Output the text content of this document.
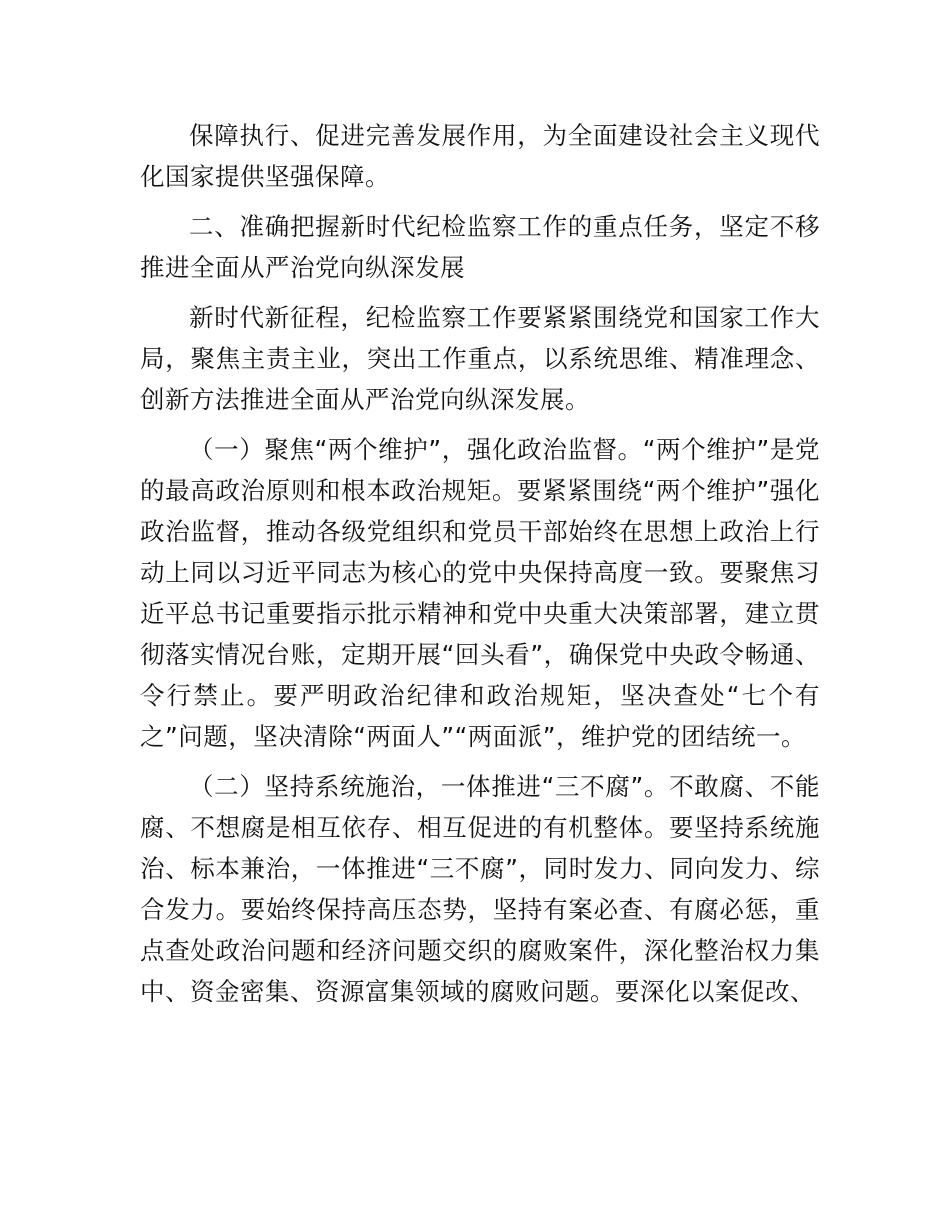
保障执行、促进完善发展作用，为全面建设社会主义现代化国家提供坚强保障。

二、准确把握新时代纪检监察工作的重点任务，坚定不移推进全面从严治党向纵深发展

新时代新征程，纪检监察工作要紧紧围绕党和国家工作大局，聚焦主责主业，突出工作重点，以系统思维、精准理念、创新方法推进全面从严治党向纵深发展。

（一）聚焦“两个维护”，强化政治监督。“两个维护”是党的最高政治原则和根本政治规矩。要紧紧围绕“两个维护”强化政治监督，推动各级党组织和党员干部始终在思想上政治上行动上同以习近平同志为核心的党中央保持高度一致。要聚焦习近平总书记重要指示批示精神和党中央重大决策部署，建立贯彻落实情况台账，定期开展“回头看”，确保党中央政令畅通、令行禁止。要严明政治纪律和政治规矩，坚决查处“七个有之”问题，坚决清除“两面人”“两面派”，维护党的团结统一。

（二）坚持系统施治，一体推进“三不腐”。不敢腐、不能腐、不想腐是相互依存、相互促进的有机整体。要坚持系统施治、标本兼治，一体推进“三不腐”，同时发力、同向发力、综合发力。要始终保持高压态势，坚持有案必查、有腐必惩，重点查处政治问题和经济问题交织的腐败案件，深化整治权力集中、资金密集、资源富集领域的腐败问题。要深化以案促改、
